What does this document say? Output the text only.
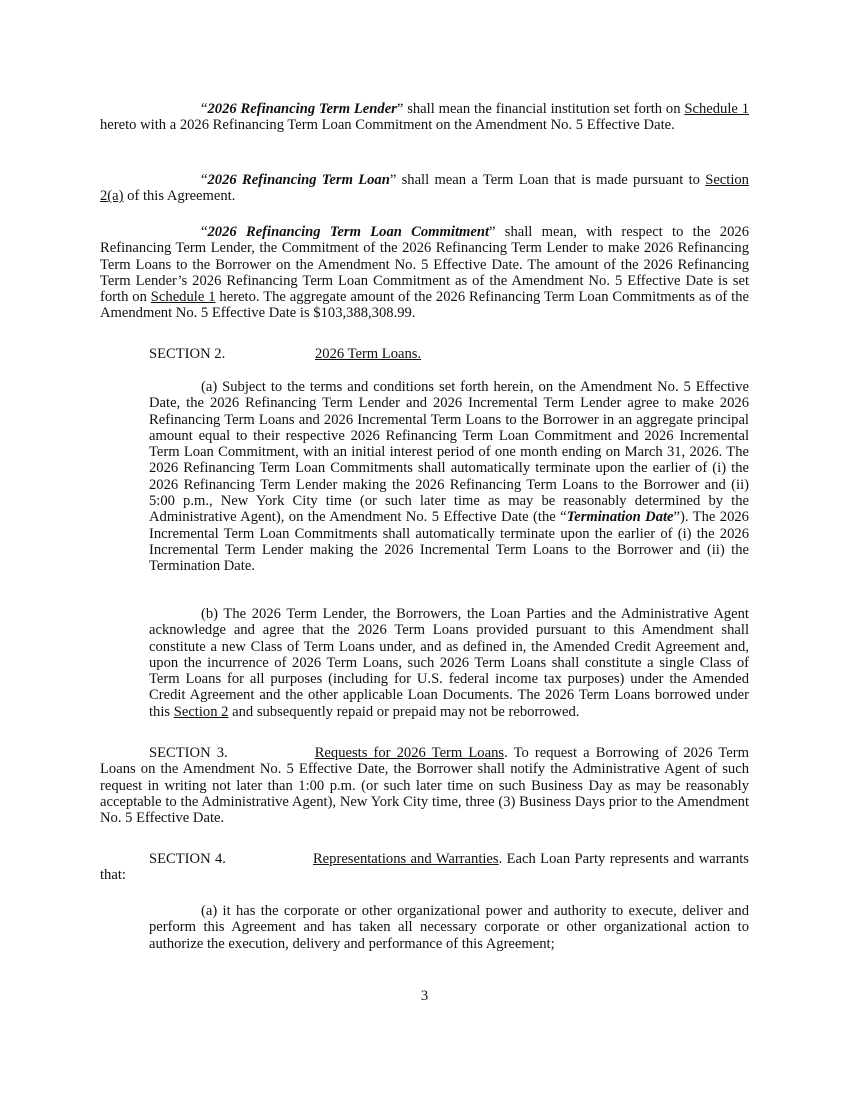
“2026 Refinancing Term Lender” shall mean the financial institution set forth on Schedule 1 hereto with a 2026 Refinancing Term Loan Commitment on the Amendment No. 5 Effective Date.

“2026 Refinancing Term Loan” shall mean a Term Loan that is made pursuant to Section 2(a) of this Agreement.

“2026 Refinancing Term Loan Commitment” shall mean, with respect to the 2026 Refinancing Term Lender, the Commitment of the 2026 Refinancing Term Lender to make 2026 Refinancing Term Loans to the Borrower on the Amendment No. 5 Effective Date. The amount of the 2026 Refinancing Term Lender’s 2026 Refinancing Term Loan Commitment as of the Amendment No. 5 Effective Date is set forth on Schedule 1 hereto. The aggregate amount of the 2026 Refinancing Term Loan Commitments as of the Amendment No. 5 Effective Date is $103,388,308.99.

SECTION 2.	2026 Term Loans.

(a) Subject to the terms and conditions set forth herein, on the Amendment No. 5 Effective Date, the 2026 Refinancing Term Lender and 2026 Incremental Term Lender agree to make 2026 Refinancing Term Loans and 2026 Incremental Term Loans to the Borrower in an aggregate principal amount equal to their respective 2026 Refinancing Term Loan Commitment and 2026 Incremental Term Loan Commitment, with an initial interest period of one month ending on March 31, 2026. The 2026 Refinancing Term Loan Commitments shall automatically terminate upon the earlier of (i) the 2026 Refinancing Term Lender making the 2026 Refinancing Term Loans to the Borrower and (ii) 5:00 p.m., New York City time (or such later time as may be reasonably determined by the Administrative Agent), on the Amendment No. 5 Effective Date (the “Termination Date”). The 2026 Incremental Term Loan Commitments shall automatically terminate upon the earlier of (i) the 2026 Incremental Term Lender making the 2026 Incremental Term Loans to the Borrower and (ii) the Termination Date.

(b) The 2026 Term Lender, the Borrowers, the Loan Parties and the Administrative Agent acknowledge and agree that the 2026 Term Loans provided pursuant to this Amendment shall constitute a new Class of Term Loans under, and as defined in, the Amended Credit Agreement and, upon the incurrence of 2026 Term Loans, such 2026 Term Loans shall constitute a single Class of Term Loans for all purposes (including for U.S. federal income tax purposes) under the Amended Credit Agreement and the other applicable Loan Documents. The 2026 Term Loans borrowed under this Section 2 and subsequently repaid or prepaid may not be reborrowed.

SECTION 3.	Requests for 2026 Term Loans. To request a Borrowing of 2026 Term Loans on the Amendment No. 5 Effective Date, the Borrower shall notify the Administrative Agent of such request in writing not later than 1:00 p.m. (or such later time on such Business Day as may be reasonably acceptable to the Administrative Agent), New York City time, three (3) Business Days prior to the Amendment No. 5 Effective Date.

SECTION 4.	Representations and Warranties. Each Loan Party represents and warrants that:

(a) it has the corporate or other organizational power and authority to execute, deliver and perform this Agreement and has taken all necessary corporate or other organizational action to authorize the execution, delivery and performance of this Agreement;

3
